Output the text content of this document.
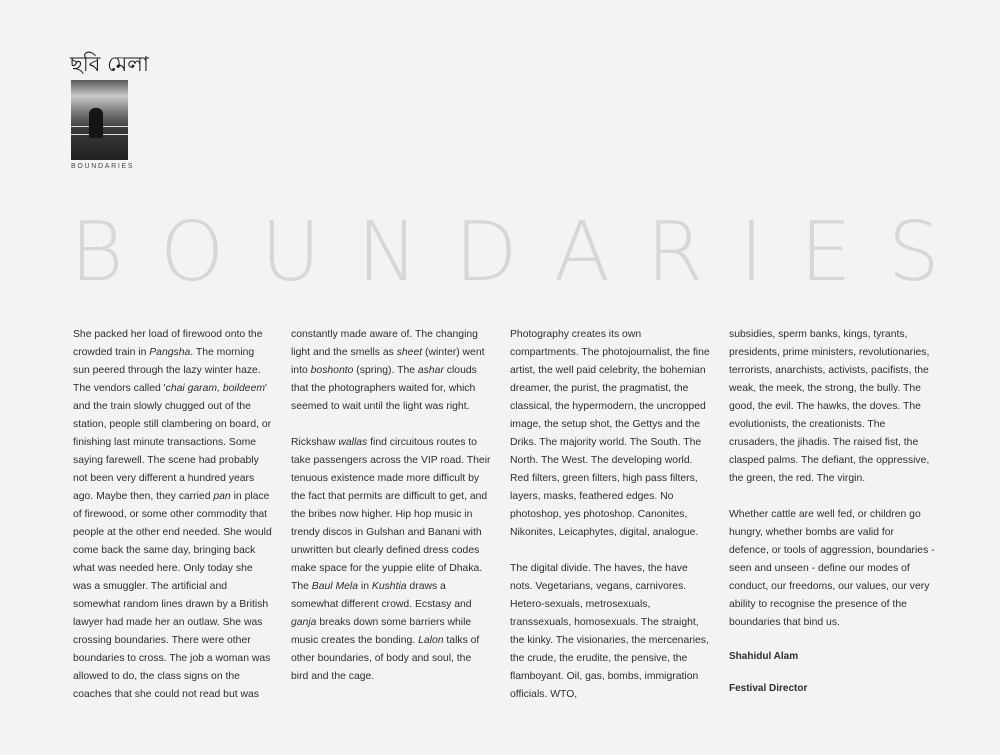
ছবি মেলা
BOUNDARIES
B O U N D A R I E S

She packed her load of firewood onto the crowded train in Pangsha. The morning sun peered through the lazy winter haze. The vendors called 'chai garam, boildeem' and the train slowly chugged out of the station, people still clambering on board, or finishing last minute transactions. Some saying farewell. The scene had probably not been very different a hundred years ago. Maybe then, they carried pan in place of firewood, or some other commodity that people at the other end needed. She would come back the same day, bringing back what was needed here. Only today she was a smuggler. The artificial and somewhat random lines drawn by a British lawyer had made her an outlaw. She was crossing boundaries. There were other boundaries to cross. The job a woman was allowed to do, the class signs on the coaches that she could not read but was

constantly made aware of. The changing light and the smells as sheet (winter) went into boshonto (spring). The ashar clouds that the photographers waited for, which seemed to wait until the light was right.

Rickshaw wallas find circuitous routes to take passengers across the VIP road. Their tenuous existence made more difficult by the fact that permits are difficult to get, and the bribes now higher. Hip hop music in trendy discos in Gulshan and Banani with unwritten but clearly defined dress codes make space for the yuppie elite of Dhaka. The Baul Mela in Kushtia draws a somewhat different crowd. Ecstasy and ganja breaks down some barriers while music creates the bonding. Lalon talks of other boundaries, of body and soul, the bird and the cage.

Photography creates its own compartments. The photojournalist, the fine artist, the well paid celebrity, the bohemian dreamer, the purist, the pragmatist, the classical, the hypermodern, the uncropped image, the setup shot, the Gettys and the Driks. The majority world. The South. The North. The West. The developing world. Red filters, green filters, high pass filters, layers, masks, feathered edges. No photoshop, yes photoshop. Canonites, Nikonites, Leicaphytes, digital, analogue.

The digital divide. The haves, the have nots. Vegetarians, vegans, carnivores. Hetero-sexuals, metrosexuals, transsexuals, homosexuals. The straight, the kinky. The visionaries, the mercenaries, the crude, the erudite, the pensive, the flamboyant. Oil, gas, bombs, immigration officials. WTO,

subsidies, sperm banks, kings, tyrants, presidents, prime ministers, revolutionaries, terrorists, anarchists, activists, pacifists, the weak, the meek, the strong, the bully. The good, the evil. The hawks, the doves. The evolutionists, the creationists. The crusaders, the jihadis. The raised fist, the clasped palms. The defiant, the oppressive, the green, the red. The virgin.

Whether cattle are well fed, or children go hungry, whether bombs are valid for defence, or tools of aggression, boundaries - seen and unseen - define our modes of conduct, our freedoms, our values, our very ability to recognise the presence of the boundaries that bind us.

Shahidul Alam

Festival Director
